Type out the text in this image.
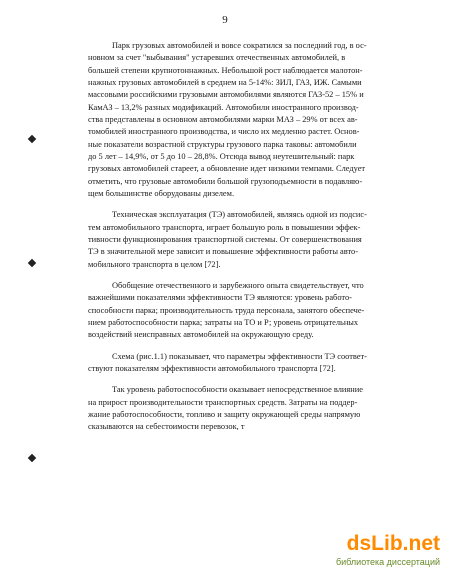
9

Парк грузовых автомобилей и вовсе сократился за последний год, в ос-
новном за счет "выбывания" устаревших отечественных автомобилей, в
большей степени крупнотоннажных. Небольшой рост наблюдается малотон-
нажных грузовых автомобилей в среднем на 5-14%: ЗИЛ, ГАЗ, ИЖ. Самыми
массовыми российскими грузовыми автомобилями являются ГАЗ-52 – 15% и
КамАЗ – 13,2% разных модификаций. Автомобили иностранного производ-
ства представлены в основном автомобилями марки МАЗ – 29% от всех ав-
томобилей иностранного производства, и число их медленно растет. Основ-
ные показатели возрастной структуры грузового парка таковы: автомобили
до 5 лет – 14,9%, от 5 до 10 – 28,8%. Отсюда вывод неутешительный: парк
грузовых автомобилей стареет, а обновление идет низкими темпами. Следует
отметить, что грузовые автомобили большой грузоподъемности в подавляю-
щем большинстве оборудованы дизелем.

Техническая эксплуатация (ТЭ) автомобилей, являясь одной из подсис-
тем автомобильного транспорта, играет большую роль в повышении эффек-
тивности функционирования транспортной системы. От совершенствования
ТЭ в значительной мере зависит и повышение эффективности работы авто-
мобильного транспорта в целом [72].

Обобщение отечественного и зарубежного опыта свидетельствует, что
важнейшими показателями эффективности ТЭ являются: уровень работо-
способности парка; производительность труда персонала, занятого обеспече-
нием работоспособности парка; затраты на ТО и Р; уровень отрицательных
воздействий неисправных автомобилей на окружающую среду.

Схема (рис.1.1) показывает, что параметры эффективности ТЭ соответ-
ствуют показателям эффективности автомобильного транспорта [72].

Так уровень работоспособности оказывает непосредственное влияние
на прирост производительности транспортных средств. Затраты на поддер-
жание работоспособности, топливо и защиту окружающей среды напрямую
сказываются на себестоимости перевозок, т

dsLib.net
библиотека диссертаций
